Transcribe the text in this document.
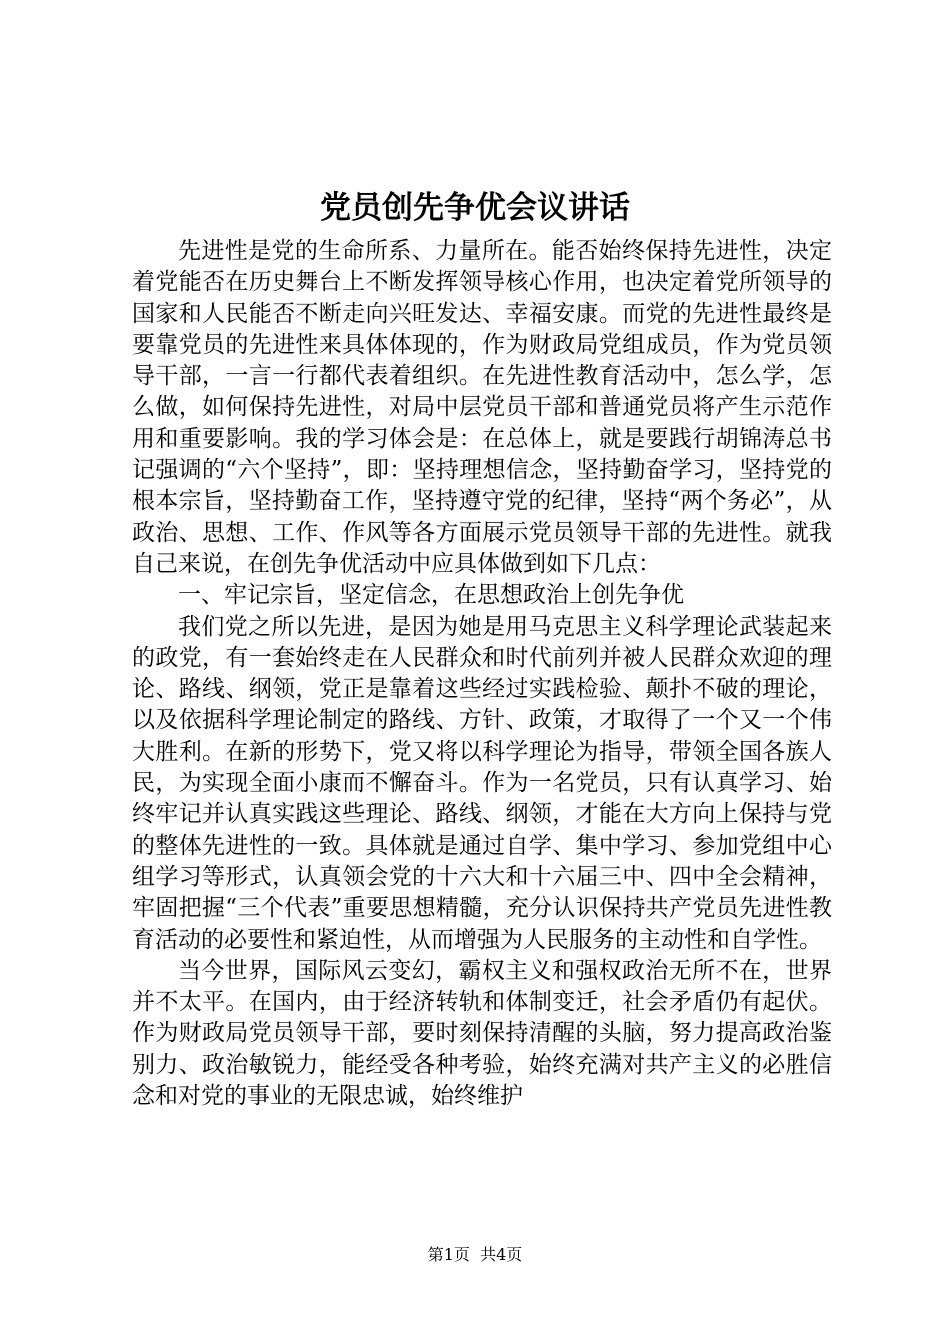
党员创先争优会议讲话

先进性是党的生命所系、力量所在。能否始终保持先进性，决定着党能否在历史舞台上不断发挥领导核心作用，也决定着党所领导的国家和人民能否不断走向兴旺发达、幸福安康。而党的先进性最终是要靠党员的先进性来具体体现的，作为财政局党组成员，作为党员领导干部，一言一行都代表着组织。在先进性教育活动中，怎么学，怎么做，如何保持先进性，对局中层党员干部和普通党员将产生示范作用和重要影响。我的学习体会是：在总体上，就是要践行胡锦涛总书记强调的“六个坚持”，即：坚持理想信念，坚持勤奋学习，坚持党的根本宗旨，坚持勤奋工作，坚持遵守党的纪律，坚持“两个务必”，从政治、思想、工作、作风等各方面展示党员领导干部的先进性。就我自己来说，在创先争优活动中应具体做到如下几点：

一、牢记宗旨，坚定信念，在思想政治上创先争优

我们党之所以先进，是因为她是用马克思主义科学理论武装起来的政党，有一套始终走在人民群众和时代前列并被人民群众欢迎的理论、路线、纲领，党正是靠着这些经过实践检验、颠扑不破的理论，以及依据科学理论制定的路线、方针、政策，才取得了一个又一个伟大胜利。在新的形势下，党又将以科学理论为指导，带领全国各族人民，为实现全面小康而不懈奋斗。作为一名党员，只有认真学习、始终牢记并认真实践这些理论、路线、纲领，才能在大方向上保持与党的整体先进性的一致。具体就是通过自学、集中学习、参加党组中心组学习等形式，认真领会党的十六大和十六届三中、四中全会精神，牢固把握“三个代表”重要思想精髓，充分认识保持共产党员先进性教育活动的必要性和紧迫性，从而增强为人民服务的主动性和自学性。

当今世界，国际风云变幻，霸权主义和强权政治无所不在，世界并不太平。在国内，由于经济转轨和体制变迁，社会矛盾仍有起伏。作为财政局党员领导干部，要时刻保持清醒的头脑，努力提高政治鉴别力、政治敏锐力，能经受各种考验，始终充满对共产主义的必胜信念和对党的事业的无限忠诚，始终维护

第1页 共4页
